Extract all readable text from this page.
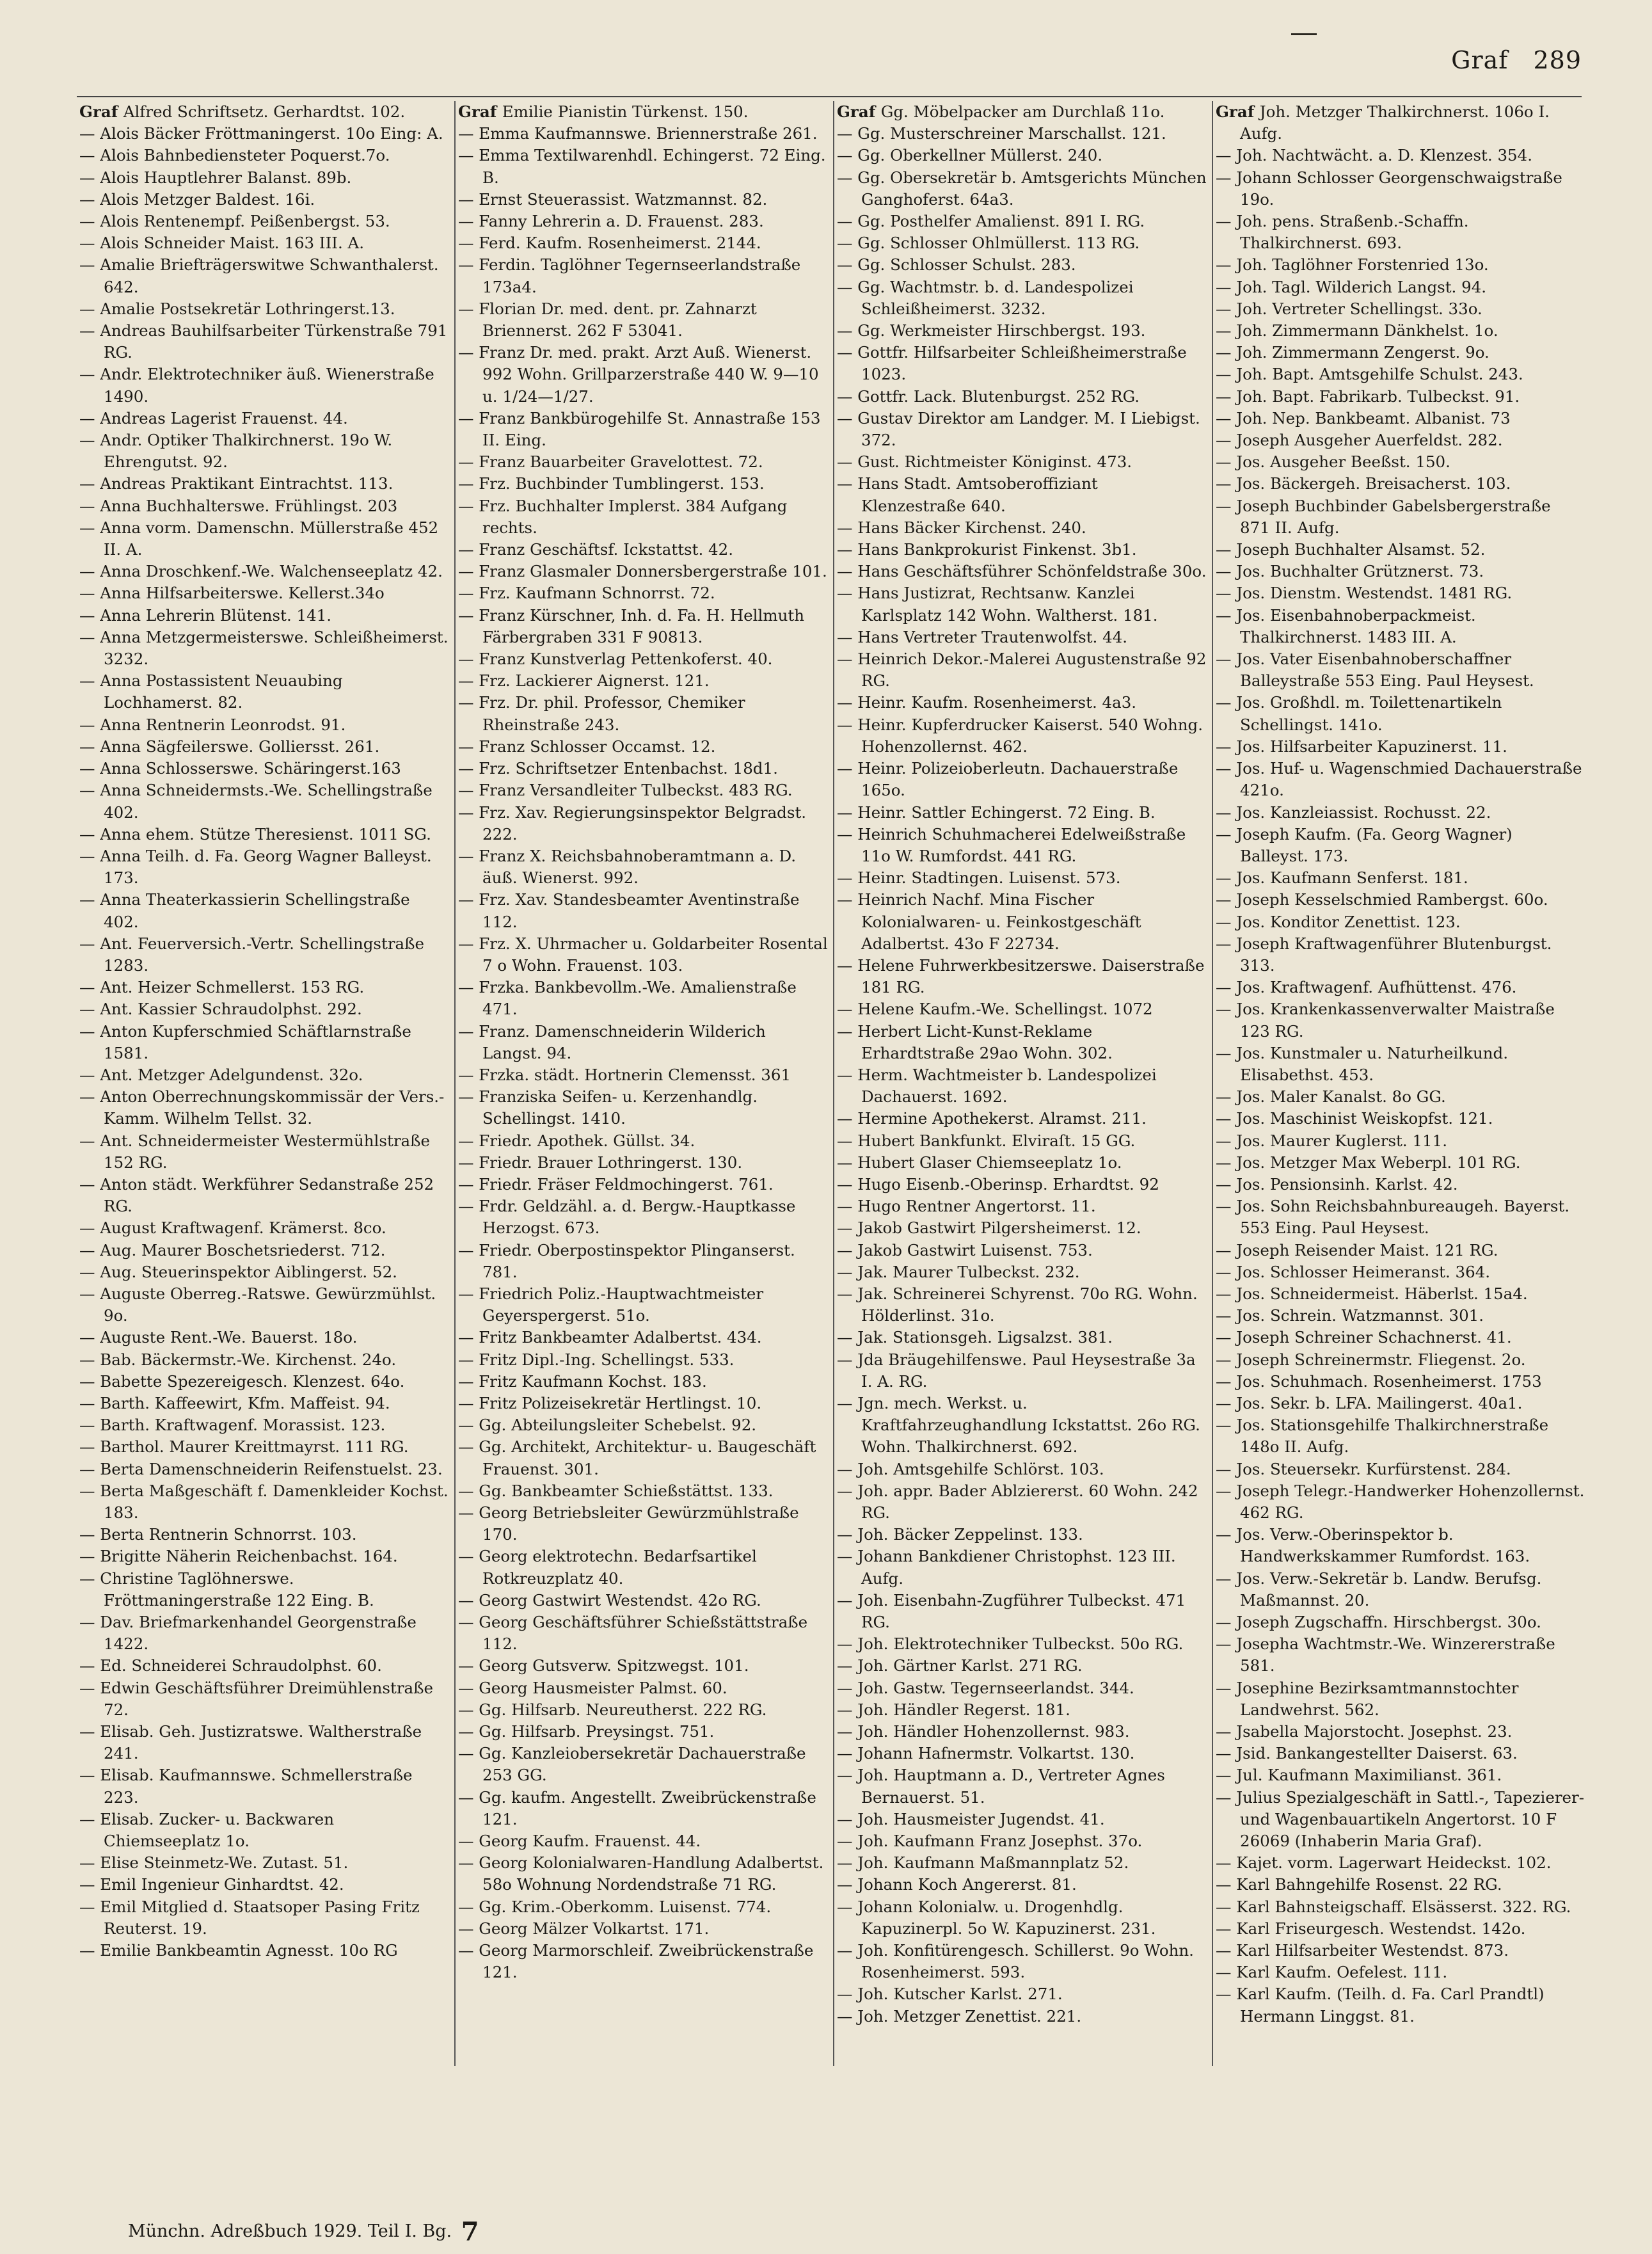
Graf 289

Graf Alfred Schriftsetz. Gerhardtst. 102.

— Alois Bäcker Fröttmaningerst. 10o Eing: A.

— Alois Bahnbediensteter Poquerst.7o.

— Alois Hauptlehrer Balanst. 89b.

— Alois Metzger Baldest. 16i.

— Alois Rentenempf. Peißenbergst. 53.

— Alois Schneider Maist. 163 III. A.

— Amalie Briefträgerswitwe Schwanthalerst. 642.

— Amalie Postsekretär Lothringerst.13.

— Andreas Bauhilfsarbeiter Türkenstraße 791 RG.

— Andr. Elektrotechniker äuß. Wienerstraße 1490.

— Andreas Lagerist Frauenst. 44.

— Andr. Optiker Thalkirchnerst. 19o W. Ehrengutst. 92.

— Andreas Praktikant Eintrachtst. 113.

— Anna Buchhalterswe. Frühlingst. 203

— Anna vorm. Damenschn. Müllerstraße 452 II. A.

— Anna Droschkenf.-We. Walchenseeplatz 42.

— Anna Hilfsarbeiterswe. Kellerst.34o

— Anna Lehrerin Blütenst. 141.

— Anna Metzgermeisterswe. Schleißheimerst. 3232.

— Anna Postassistent Neuaubing Lochhamerst. 82.

— Anna Rentnerin Leonrodst. 91.

— Anna Sägfeilerswe. Golliersst. 261.

— Anna Schlosserswe. Schäringerst.163

— Anna Schneidermsts.-We. Schellingstraße 402.

— Anna ehem. Stütze Theresienst. 1011 SG.

— Anna Teilh. d. Fa. Georg Wagner Balleyst. 173.

— Anna Theaterkassierin Schellingstraße 402.

— Ant. Feuerversich.-Vertr. Schellingstraße 1283.

— Ant. Heizer Schmellerst. 153 RG.

— Ant. Kassier Schraudolphst. 292.

— Anton Kupferschmied Schäftlarnstraße 1581.

— Ant. Metzger Adelgundenst. 32o.

— Anton Oberrechnungskommissär der Vers.-Kamm. Wilhelm Tellst. 32.

— Ant. Schneidermeister Westermühlstraße 152 RG.

— Anton städt. Werkführer Sedanstraße 252 RG.

— August Kraftwagenf. Krämerst. 8co.

— Aug. Maurer Boschetsriederst. 712.

— Aug. Steuerinspektor Aiblingerst. 52.

— Auguste Oberreg.-Ratswe. Gewürzmühlst. 9o.

— Auguste Rent.-We. Bauerst. 18o.

— Bab. Bäckermstr.-We. Kirchenst. 24o.

— Babette Spezereigesch. Klenzest. 64o.

— Barth. Kaffeewirt, Kfm. Maffeist. 94.

— Barth. Kraftwagenf. Morassist. 123.

— Barthol. Maurer Kreittmayrst. 111 RG.

— Berta Damenschneiderin Reifenstuelst. 23.

— Berta Maßgeschäft f. Damenkleider Kochst. 183.

— Berta Rentnerin Schnorrst. 103.

— Brigitte Näherin Reichenbachst. 164.

— Christine Taglöhnerswe. Fröttmaningerstraße 122 Eing. B.

— Dav. Briefmarkenhandel Georgenstraße 1422.

— Ed. Schneiderei Schraudolphst. 60.

— Edwin Geschäftsführer Dreimühlenstraße 72.

— Elisab. Geh. Justizratswe. Waltherstraße 241.

— Elisab. Kaufmannswe. Schmellerstraße 223.

— Elisab. Zucker- u. Backwaren Chiemseeplatz 1o.

— Elise Steinmetz-We. Zutast. 51.

— Emil Ingenieur Ginhardtst. 42.

— Emil Mitglied d. Staatsoper Pasing Fritz Reuterst. 19.

— Emilie Bankbeamtin Agnesst. 10o RG

Graf Emilie Pianistin Türkenst. 150.

— Emma Kaufmannswe. Briennerstraße 261.

— Emma Textilwarenhdl. Echingerst. 72 Eing. B.

— Ernst Steuerassist. Watzmannst. 82.

— Fanny Lehrerin a. D. Frauenst. 283.

— Ferd. Kaufm. Rosenheimerst. 2144.

— Ferdin. Taglöhner Tegernseerlandstraße 173a4.

— Florian Dr. med. dent. pr. Zahnarzt Briennerst. 262 F 53041.

— Franz Dr. med. prakt. Arzt Auß. Wienerst. 992 Wohn. Grillparzerstraße 440 W. 9—10 u. 1/24—1/27.

— Franz Bankbürogehilfe St. Annastraße 153 II. Eing.

— Franz Bauarbeiter Gravelottest. 72.

— Frz. Buchbinder Tumblingerst. 153.

— Frz. Buchhalter Implerst. 384 Aufgang rechts.

— Franz Geschäftsf. Ickstattst. 42.

— Franz Glasmaler Donnersbergerstraße 101.

— Frz. Kaufmann Schnorrst. 72.

— Franz Kürschner, Inh. d. Fa. H. Hellmuth Färbergraben 331 F 90813.

— Franz Kunstverlag Pettenkoferst. 40.

— Frz. Lackierer Aignerst. 121.

— Frz. Dr. phil. Professor, Chemiker Rheinstraße 243.

— Franz Schlosser Occamst. 12.

— Frz. Schriftsetzer Entenbachst. 18d1.

— Franz Versandleiter Tulbeckst. 483 RG.

— Frz. Xav. Regierungsinspektor Belgradst. 222.

— Franz X. Reichsbahnoberamtmann a. D. äuß. Wienerst. 992.

— Frz. Xav. Standesbeamter Aventinstraße 112.

— Frz. X. Uhrmacher u. Goldarbeiter Rosental 7 o Wohn. Frauenst. 103.

— Frzka. Bankbevollm.-We. Amalienstraße 471.

— Franz. Damenschneiderin Wilderich Langst. 94.

— Frzka. städt. Hortnerin Clemensst. 361

— Franziska Seifen- u. Kerzenhandlg. Schellingst. 1410.

— Friedr. Apothek. Güllst. 34.

— Friedr. Brauer Lothringerst. 130.

— Friedr. Fräser Feldmochingerst. 761.

— Frdr. Geldzähl. a. d. Bergw.-Hauptkasse Herzogst. 673.

— Friedr. Oberpostinspektor Plinganserst. 781.

— Friedrich Poliz.-Hauptwachtmeister Geyerspergerst. 51o.

— Fritz Bankbeamter Adalbertst. 434.

— Fritz Dipl.-Ing. Schellingst. 533.

— Fritz Kaufmann Kochst. 183.

— Fritz Polizeisekretär Hertlingst. 10.

— Gg. Abteilungsleiter Schebelst. 92.

— Gg. Architekt, Architektur- u. Baugeschäft Frauenst. 301.

— Gg. Bankbeamter Schießstättst. 133.

— Georg Betriebsleiter Gewürzmühlstraße 170.

— Georg elektrotechn. Bedarfsartikel Rotkreuzplatz 40.

— Georg Gastwirt Westendst. 42o RG.

— Georg Geschäftsführer Schießstättstraße 112.

— Georg Gutsverw. Spitzwegst. 101.

— Georg Hausmeister Palmst. 60.

— Gg. Hilfsarb. Neureutherst. 222 RG.

— Gg. Hilfsarb. Preysingst. 751.

— Gg. Kanzleiobersekretär Dachauerstraße 253 GG.

— Gg. kaufm. Angestellt. Zweibrückenstraße 121.

— Georg Kaufm. Frauenst. 44.

— Georg Kolonialwaren-Handlung Adalbertst. 58o Wohnung Nordendstraße 71 RG.

— Gg. Krim.-Oberkomm. Luisenst. 774.

— Georg Mälzer Volkartst. 171.

— Georg Marmorschleif. Zweibrückenstraße 121.

Graf Gg. Möbelpacker am Durchlaß 11o.

— Gg. Musterschreiner Marschallst. 121.

— Gg. Oberkellner Müllerst. 240.

— Gg. Obersekretär b. Amtsgerichts München Ganghoferst. 64a3.

— Gg. Posthelfer Amalienst. 891 I. RG.

— Gg. Schlosser Ohlmüllerst. 113 RG.

— Gg. Schlosser Schulst. 283.

— Gg. Wachtmstr. b. d. Landespolizei Schleißheimerst. 3232.

— Gg. Werkmeister Hirschbergst. 193.

— Gottfr. Hilfsarbeiter Schleißheimerstraße 1023.

— Gottfr. Lack. Blutenburgst. 252 RG.

— Gustav Direktor am Landger. M. I Liebigst. 372.

— Gust. Richtmeister Königinst. 473.

— Hans Stadt. Amtsoberoffiziant Klenzestraße 640.

— Hans Bäcker Kirchenst. 240.

— Hans Bankprokurist Finkenst. 3b1.

— Hans Geschäftsführer Schönfeldstraße 30o.

— Hans Justizrat, Rechtsanw. Kanzlei Karlsplatz 142 Wohn. Waltherst. 181.

— Hans Vertreter Trautenwolfst. 44.

— Heinrich Dekor.-Malerei Augustenstraße 92 RG.

— Heinr. Kaufm. Rosenheimerst. 4a3.

— Heinr. Kupferdrucker Kaiserst. 540 Wohng. Hohenzollernst. 462.

— Heinr. Polizeioberleutn. Dachauerstraße 165o.

— Heinr. Sattler Echingerst. 72 Eing. B.

— Heinrich Schuhmacherei Edelweißstraße 11o W. Rumfordst. 441 RG.

— Heinr. Stadtingen. Luisenst. 573.

— Heinrich Nachf. Mina Fischer Kolonialwaren- u. Feinkostgeschäft Adalbertst. 43o F 22734.

— Helene Fuhrwerkbesitzerswe. Daiserstraße 181 RG.

— Helene Kaufm.-We. Schellingst. 1072

— Herbert Licht-Kunst-Reklame Erhardtstraße 29ao Wohn. 302.

— Herm. Wachtmeister b. Landespolizei Dachauerst. 1692.

— Hermine Apothekerst. Alramst. 211.

— Hubert Bankfunkt. Elviraſt. 15 GG.

— Hubert Glaser Chiemseeplatz 1o.

— Hugo Eisenb.-Oberinsp. Erhardtst. 92

— Hugo Rentner Angertorst. 11.

— Jakob Gastwirt Pilgersheimerst. 12.

— Jakob Gastwirt Luisenst. 753.

— Jak. Maurer Tulbeckst. 232.

— Jak. Schreinerei Schyrenst. 70o RG. Wohn. Hölderlinst. 31o.

— Jak. Stationsgeh. Ligsalzst. 381.

— Jda Bräugehilfenswe. Paul Heysestraße 3a I. A. RG.

— Jgn. mech. Werkst. u. Kraftfahrzeughandlung Ickstattst. 26o RG. Wohn. Thalkirchnerst. 692.

— Joh. Amtsgehilfe Schlörst. 103.

— Joh. appr. Bader Ablziererst. 60 Wohn. 242 RG.

— Joh. Bäcker Zeppelinst. 133.

— Johann Bankdiener Christophst. 123 III. Aufg.

— Joh. Eisenbahn-Zugführer Tulbeckst. 471 RG.

— Joh. Elektrotechniker Tulbeckst. 50o RG.

— Joh. Gärtner Karlst. 271 RG.

— Joh. Gastw. Tegernseerlandst. 344.

— Joh. Händler Regerst. 181.

— Joh. Händler Hohenzollernst. 983.

— Johann Hafnermstr. Volkartst. 130.

— Joh. Hauptmann a. D., Vertreter Agnes Bernauerst. 51.

— Joh. Hausmeister Jugendst. 41.

— Joh. Kaufmann Franz Josephst. 37o.

— Joh. Kaufmann Maßmannplatz 52.

— Johann Koch Angererst. 81.

— Johann Kolonialw. u. Drogenhdlg. Kapuzinerpl. 5o W. Kapuzinerst. 231.

— Joh. Konfitürengesch. Schillerst. 9o Wohn. Rosenheimerst. 593.

— Joh. Kutscher Karlst. 271.

— Joh. Metzger Zenettist. 221.

Graf Joh. Metzger Thalkirchnerst. 106o I. Aufg.

— Joh. Nachtwächt. a. D. Klenzest. 354.

— Johann Schlosser Georgenschwaigstraße 19o.

— Joh. pens. Straßenb.-Schaffn. Thalkirchnerst. 693.

— Joh. Taglöhner Forstenried 13o.

— Joh. Tagl. Wilderich Langst. 94.

— Joh. Vertreter Schellingst. 33o.

— Joh. Zimmermann Dänkhelst. 1o.

— Joh. Zimmermann Zengerst. 9o.

— Joh. Bapt. Amtsgehilfe Schulst. 243.

— Joh. Bapt. Fabrikarb. Tulbeckst. 91.

— Joh. Nep. Bankbeamt. Albanist. 73

— Joseph Ausgeher Auerfeldst. 282.

— Jos. Ausgeher Beeßst. 150.

— Jos. Bäckergeh. Breisacherst. 103.

— Joseph Buchbinder Gabelsbergerstraße 871 II. Aufg.

— Joseph Buchhalter Alsamst. 52.

— Jos. Buchhalter Grütznerst. 73.

— Jos. Dienstm. Westendst. 1481 RG.

— Jos. Eisenbahnoberpackmeist. Thalkirchnerst. 1483 III. A.

— Jos. Vater Eisenbahnoberschaffner Balleystraße 553 Eing. Paul Heysest.

— Jos. Großhdl. m. Toilettenartikeln Schellingst. 141o.

— Jos. Hilfsarbeiter Kapuzinerst. 11.

— Jos. Huf- u. Wagenschmied Dachauerstraße 421o.

— Jos. Kanzleiassist. Rochusst. 22.

— Joseph Kaufm. (Fa. Georg Wagner) Balleyst. 173.

— Jos. Kaufmann Senferst. 181.

— Joseph Kesselschmied Rambergst. 60o.

— Jos. Konditor Zenettist. 123.

— Joseph Kraftwagenführer Blutenburgst. 313.

— Jos. Kraftwagenf. Aufhüttenst. 476.

— Jos. Krankenkassenverwalter Maistraße 123 RG.

— Jos. Kunstmaler u. Naturheilkund. Elisabethst. 453.

— Jos. Maler Kanalst. 8o GG.

— Jos. Maschinist Weiskopfst. 121.

— Jos. Maurer Kuglerst. 111.

— Jos. Metzger Max Weberpl. 101 RG.

— Jos. Pensionsinh. Karlst. 42.

— Jos. Sohn Reichsbahnbureaugeh. Bayerst. 553 Eing. Paul Heysest.

— Joseph Reisender Maist. 121 RG.

— Jos. Schlosser Heimeranst. 364.

— Jos. Schneidermeist. Häberlst. 15a4.

— Jos. Schrein. Watzmannst. 301.

— Joseph Schreiner Schachnerst. 41.

— Joseph Schreinermstr. Fliegenst. 2o.

— Jos. Schuhmach. Rosenheimerst. 1753

— Jos. Sekr. b. LFA. Mailingerst. 40a1.

— Jos. Stationsgehilfe Thalkirchnerstraße 148o II. Aufg.

— Jos. Steuersekr. Kurfürstenst. 284.

— Joseph Telegr.-Handwerker Hohenzollernst. 462 RG.

— Jos. Verw.-Oberinspektor b. Handwerkskammer Rumfordst. 163.

— Jos. Verw.-Sekretär b. Landw. Berufsg. Maßmannst. 20.

— Joseph Zugschaffn. Hirschbergst. 30o.

— Josepha Wachtmstr.-We. Winzererstraße 581.

— Josephine Bezirksamtmannstochter Landwehrst. 562.

— Jsabella Majorstocht. Josephst. 23.

— Jsid. Bankangestellter Daiserst. 63.

— Jul. Kaufmann Maximilianst. 361.

— Julius Spezialgeschäft in Sattl.-, Tapezierer- und Wagenbauartikeln Angertorst. 10 F 26069 (Inhaberin Maria Graf).

— Kajet. vorm. Lagerwart Heideckst. 102.

— Karl Bahngehilfe Rosenst. 22 RG.

— Karl Bahnsteigschaff. Elsässerst. 322. RG.

— Karl Friseurgesch. Westendst. 142o.

— Karl Hilfsarbeiter Westendst. 873.

— Karl Kaufm. Oefelest. 111.

— Karl Kaufm. (Teilh. d. Fa. Carl Prandtl) Hermann Linggst. 81.

Münchn. Adreßbuch 1929. Teil I. Bg. 7
